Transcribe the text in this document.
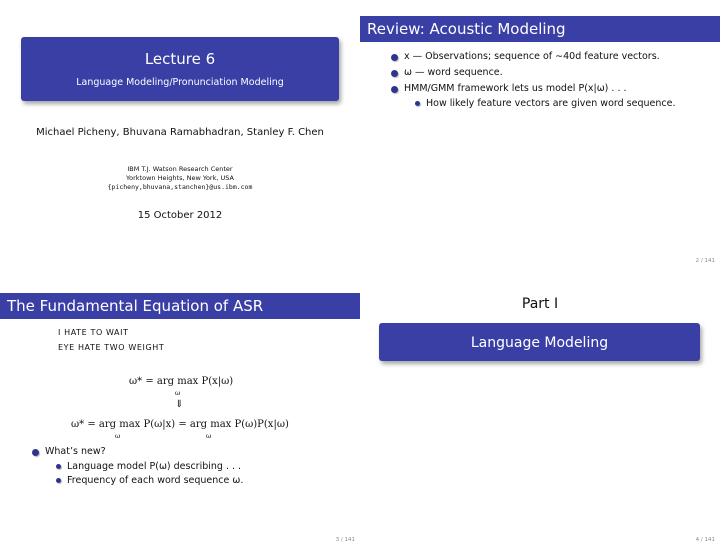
Lecture 6
Language Modeling/Pronunciation Modeling
Michael Picheny, Bhuvana Ramabhadran, Stanley F. Chen
IBM T.J. Watson Research Center
Yorktown Heights, New York, USA
{picheny,bhuvana,stanchen}@us.ibm.com
15 October 2012
Review: Acoustic Modeling
x — Observations; sequence of ∼40d feature vectors.
ω — word sequence.
HMM/GMM framework lets us model P(x|ω) . . .
How likely feature vectors are given word sequence.
2 / 141
The Fundamental Equation of ASR
I HATE TO WAIT
EYE HATE TWO WEIGHT
ω* = arg max P(x|ω)
ω
⇓
ω* = arg max P(ω|x) = arg max P(ω)P(x|ω)
ω	ω
What’s new?
Language model P(ω) describing . . .
Frequency of each word sequence ω.
3 / 141
Part I
Language Modeling
4 / 141
